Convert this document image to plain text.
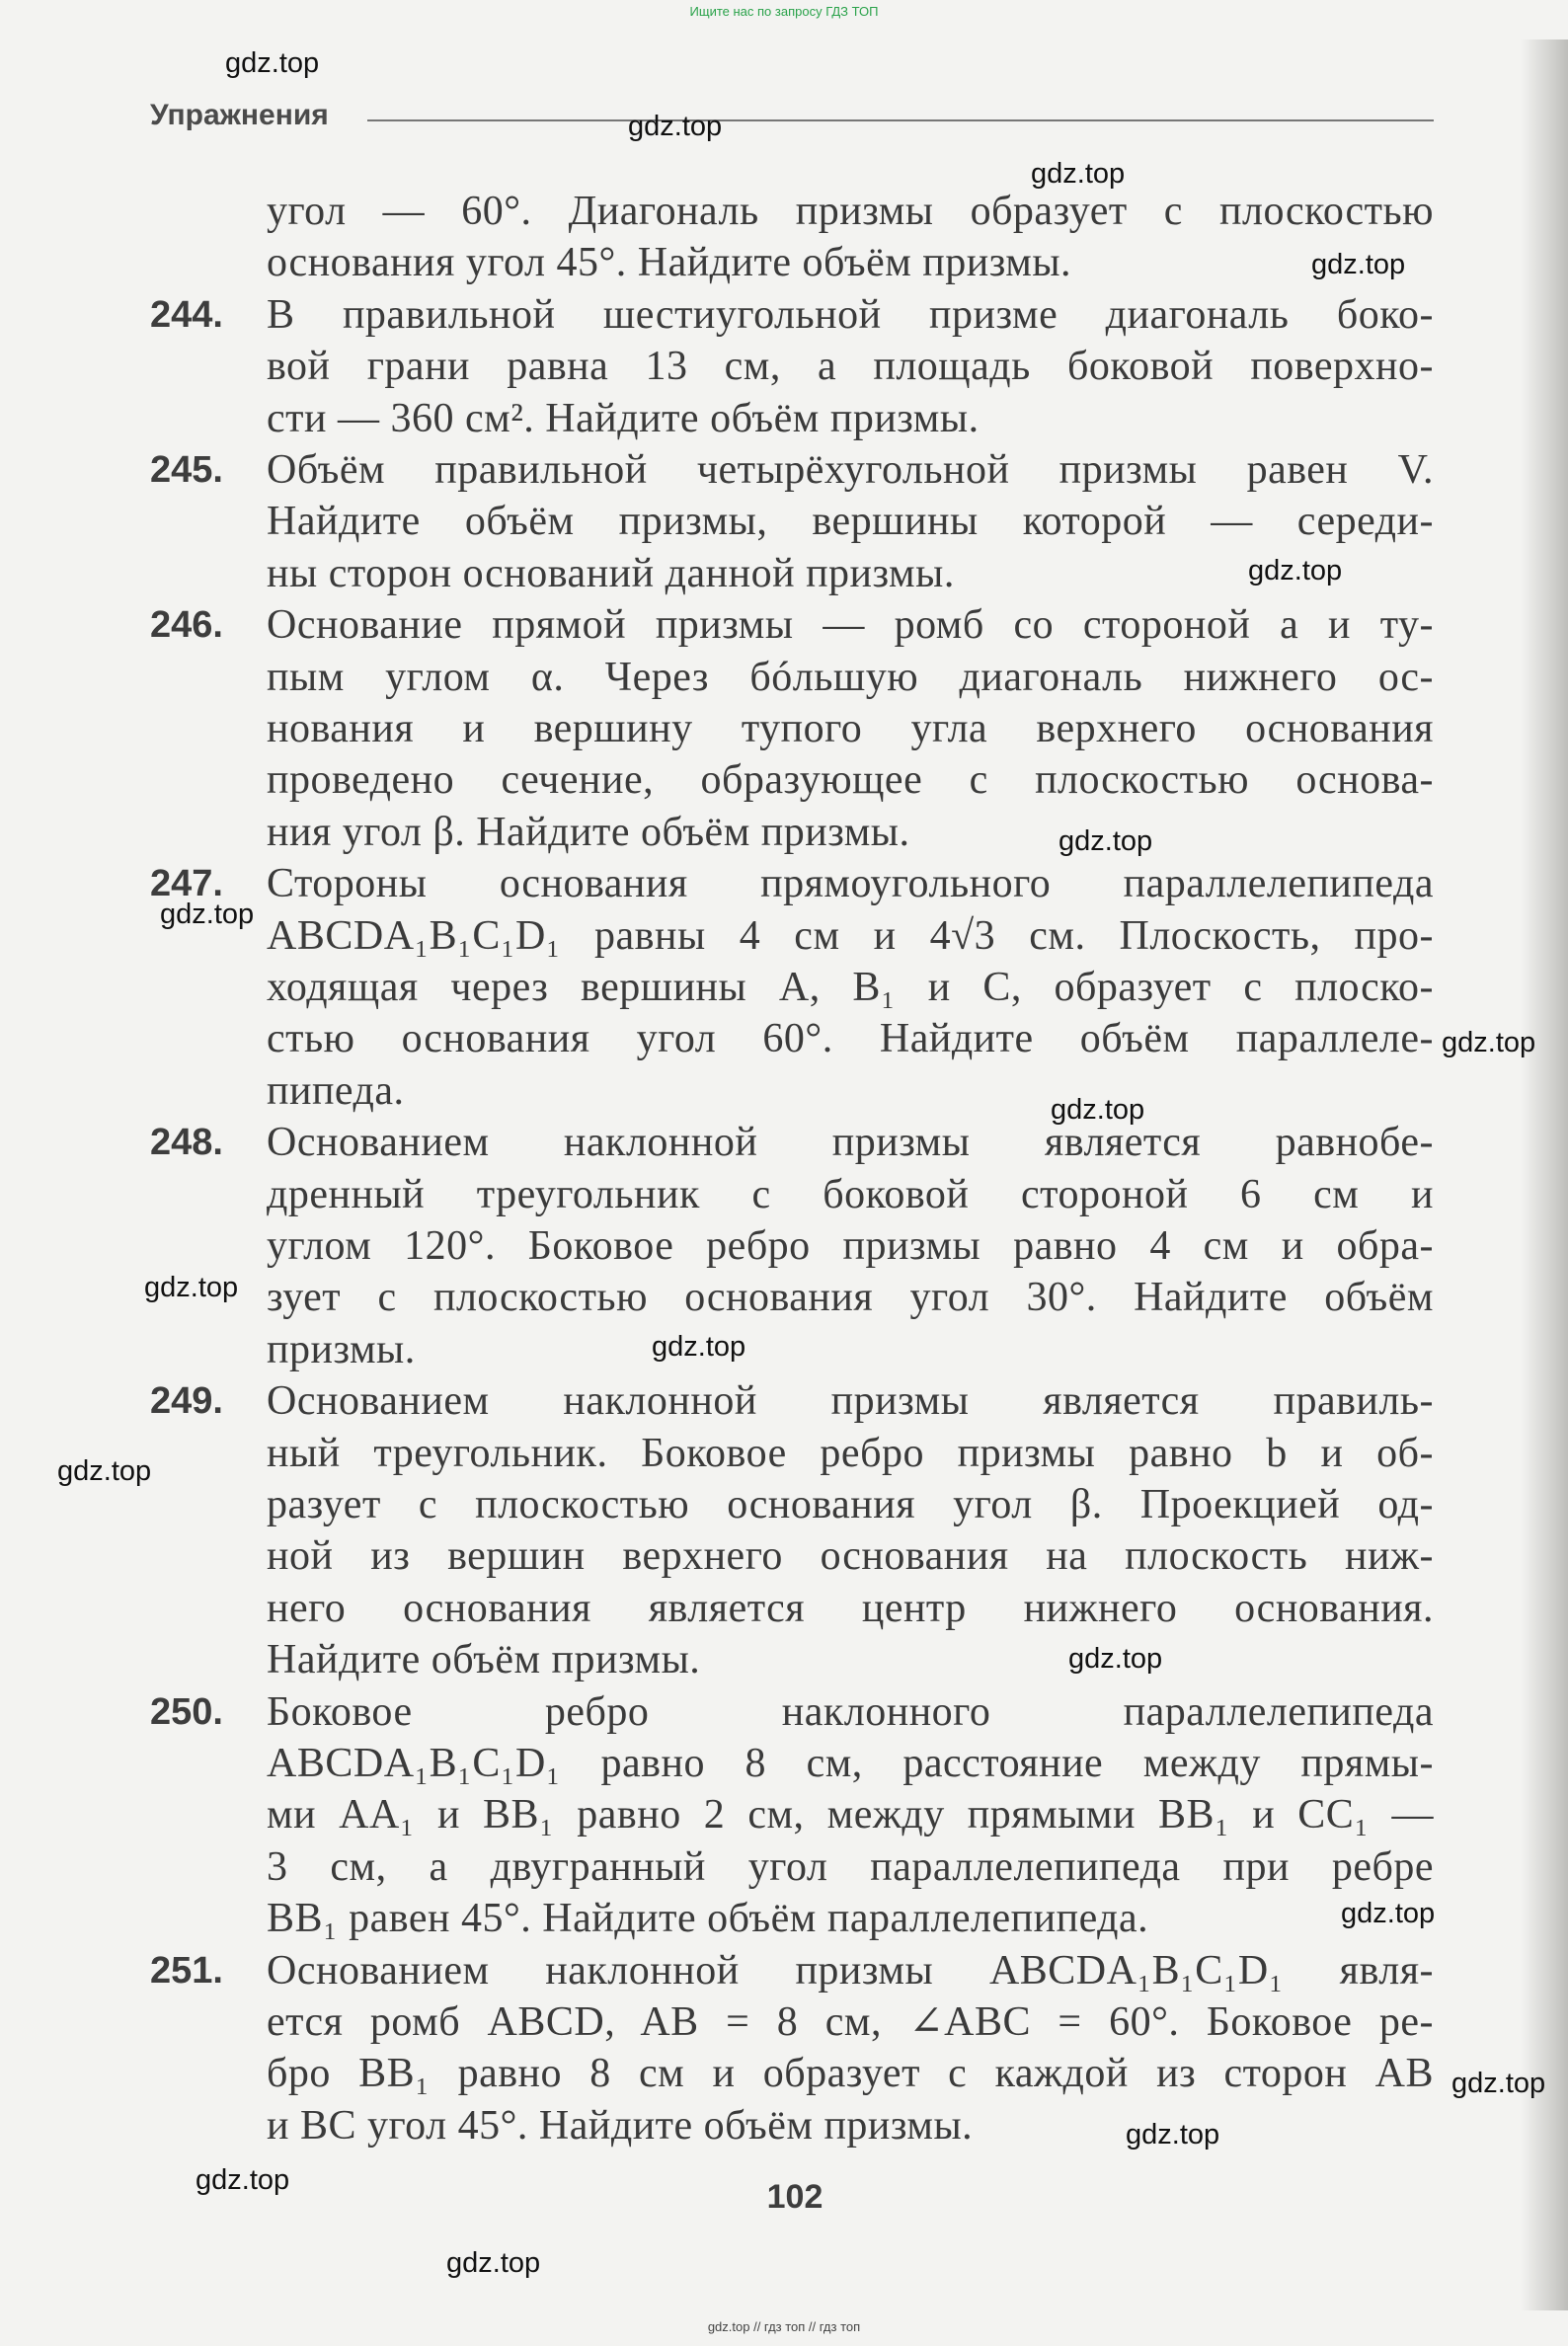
Ищите нас по запросу ГДЗ ТОП
Упражнения
угол — 60°. Диагональ призмы образует с плоскостью
основания угол 45°. Найдите объём призмы.
244.	В правильной шестиугольной призме диагональ боко-
вой грани равна 13 см, а площадь боковой поверхно-
сти — 360 см². Найдите объём призмы.
245.	Объём правильной четырёхугольной призмы равен V.
Найдите объём призмы, вершины которой — середи-
ны сторон оснований данной призмы.
246.	Основание прямой призмы — ромб со стороной a и ту-
пым углом α. Через бóльшую диагональ нижнего ос-
нования и вершину тупого угла верхнего основания
проведено сечение, образующее с плоскостью основа-
ния угол β. Найдите объём призмы.
247.	Стороны основания прямоугольного параллелепипеда
ABCDA₁B₁C₁D₁ равны 4 см и 4√3 см. Плоскость, про-
ходящая через вершины A, B₁ и C, образует с плоско-
стью основания угол 60°. Найдите объём параллеле-
пипеда.
248.	Основанием наклонной призмы является равнобе-
дренный треугольник с боковой стороной 6 см и
углом 120°. Боковое ребро призмы равно 4 см и обра-
зует с плоскостью основания угол 30°. Найдите объём
призмы.
249.	Основанием наклонной призмы является правиль-
ный треугольник. Боковое ребро призмы равно b и об-
разует с плоскостью основания угол β. Проекцией од-
ной из вершин верхнего основания на плоскость ниж-
него основания является центр нижнего основания.
Найдите объём призмы.
250.	Боковое ребро наклонного параллелепипеда
ABCDA₁B₁C₁D₁ равно 8 см, расстояние между прямы-
ми AA₁ и BB₁ равно 2 см, между прямыми BB₁ и CC₁ —
3 см, а двугранный угол параллелепипеда при ребре
BB₁ равен 45°. Найдите объём параллелепипеда.
251.	Основанием наклонной призмы ABCDA₁B₁C₁D₁ явля-
ется ромб ABCD, AB = 8 см, ∠ABC = 60°. Боковое ре-
бро BB₁ равно 8 см и образует с каждой из сторон AB
и BC угол 45°. Найдите объём призмы.
102
gdz.top // гдз топ // гдз топ
gdz.top
gdz.top
gdz.top
gdz.top
gdz.top
gdz.top
gdz.top
gdz.top
gdz.top
gdz.top
gdz.top
gdz.top
gdz.top
gdz.top
gdz.top
gdz.top
gdz.top
gdz.top
